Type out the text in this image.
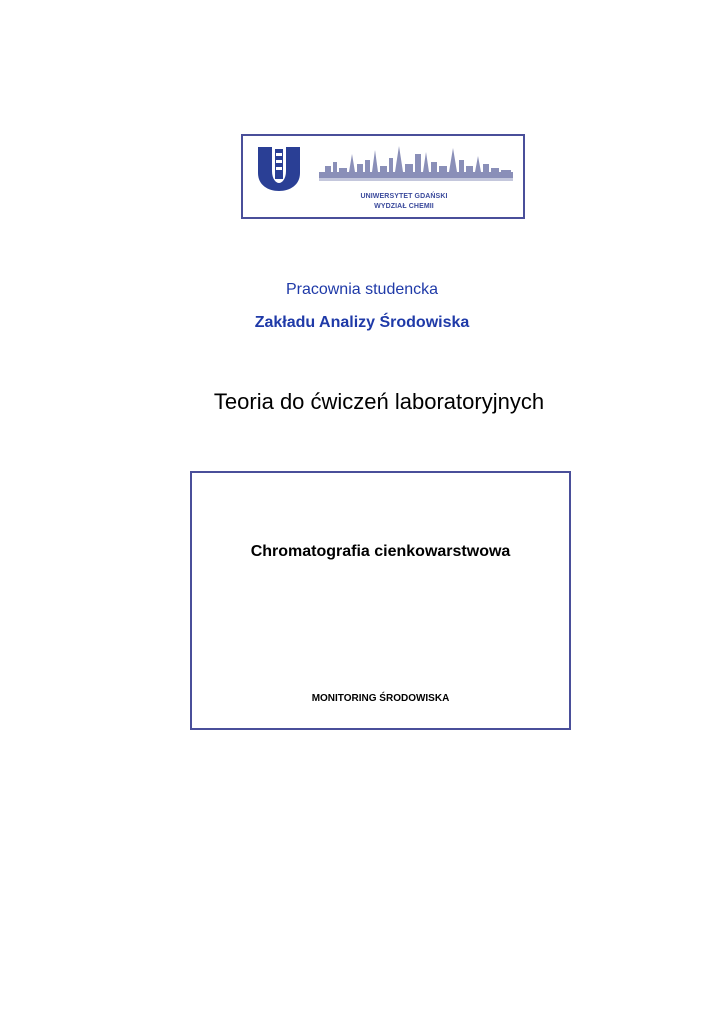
UNIWERSYTET GDAŃSKI
WYDZIAŁ CHEMII
Pracownia studencka
Zakładu Analizy Środowiska
Teoria do ćwiczeń laboratoryjnych
Chromatografia cienkowarstwowa
MONITORING ŚRODOWISKA
